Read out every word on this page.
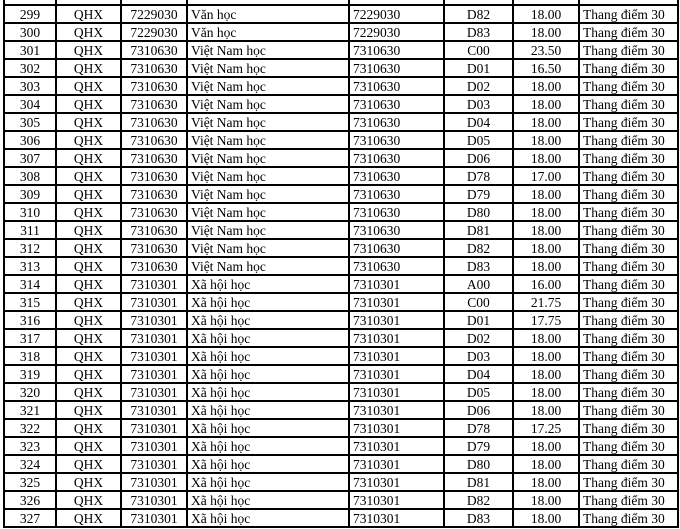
299	QHX	7229030	Văn học	7229030	D82	18.00	Thang điểm 30
300	QHX	7229030	Văn học	7229030	D83	18.00	Thang điểm 30
301	QHX	7310630	Việt Nam học	7310630	C00	23.50	Thang điểm 30
302	QHX	7310630	Việt Nam học	7310630	D01	16.50	Thang điểm 30
303	QHX	7310630	Việt Nam học	7310630	D02	18.00	Thang điểm 30
304	QHX	7310630	Việt Nam học	7310630	D03	18.00	Thang điểm 30
305	QHX	7310630	Việt Nam học	7310630	D04	18.00	Thang điểm 30
306	QHX	7310630	Việt Nam học	7310630	D05	18.00	Thang điểm 30
307	QHX	7310630	Việt Nam học	7310630	D06	18.00	Thang điểm 30
308	QHX	7310630	Việt Nam học	7310630	D78	17.00	Thang điểm 30
309	QHX	7310630	Việt Nam học	7310630	D79	18.00	Thang điểm 30
310	QHX	7310630	Việt Nam học	7310630	D80	18.00	Thang điểm 30
311	QHX	7310630	Việt Nam học	7310630	D81	18.00	Thang điểm 30
312	QHX	7310630	Việt Nam học	7310630	D82	18.00	Thang điểm 30
313	QHX	7310630	Việt Nam học	7310630	D83	18.00	Thang điểm 30
314	QHX	7310301	Xã hội học	7310301	A00	16.00	Thang điểm 30
315	QHX	7310301	Xã hội học	7310301	C00	21.75	Thang điểm 30
316	QHX	7310301	Xã hội học	7310301	D01	17.75	Thang điểm 30
317	QHX	7310301	Xã hội học	7310301	D02	18.00	Thang điểm 30
318	QHX	7310301	Xã hội học	7310301	D03	18.00	Thang điểm 30
319	QHX	7310301	Xã hội học	7310301	D04	18.00	Thang điểm 30
320	QHX	7310301	Xã hội học	7310301	D05	18.00	Thang điểm 30
321	QHX	7310301	Xã hội học	7310301	D06	18.00	Thang điểm 30
322	QHX	7310301	Xã hội học	7310301	D78	17.25	Thang điểm 30
323	QHX	7310301	Xã hội học	7310301	D79	18.00	Thang điểm 30
324	QHX	7310301	Xã hội học	7310301	D80	18.00	Thang điểm 30
325	QHX	7310301	Xã hội học	7310301	D81	18.00	Thang điểm 30
326	QHX	7310301	Xã hội học	7310301	D82	18.00	Thang điểm 30
327	QHX	7310301	Xã hội học	7310301	D83	18.00	Thang điểm 30
